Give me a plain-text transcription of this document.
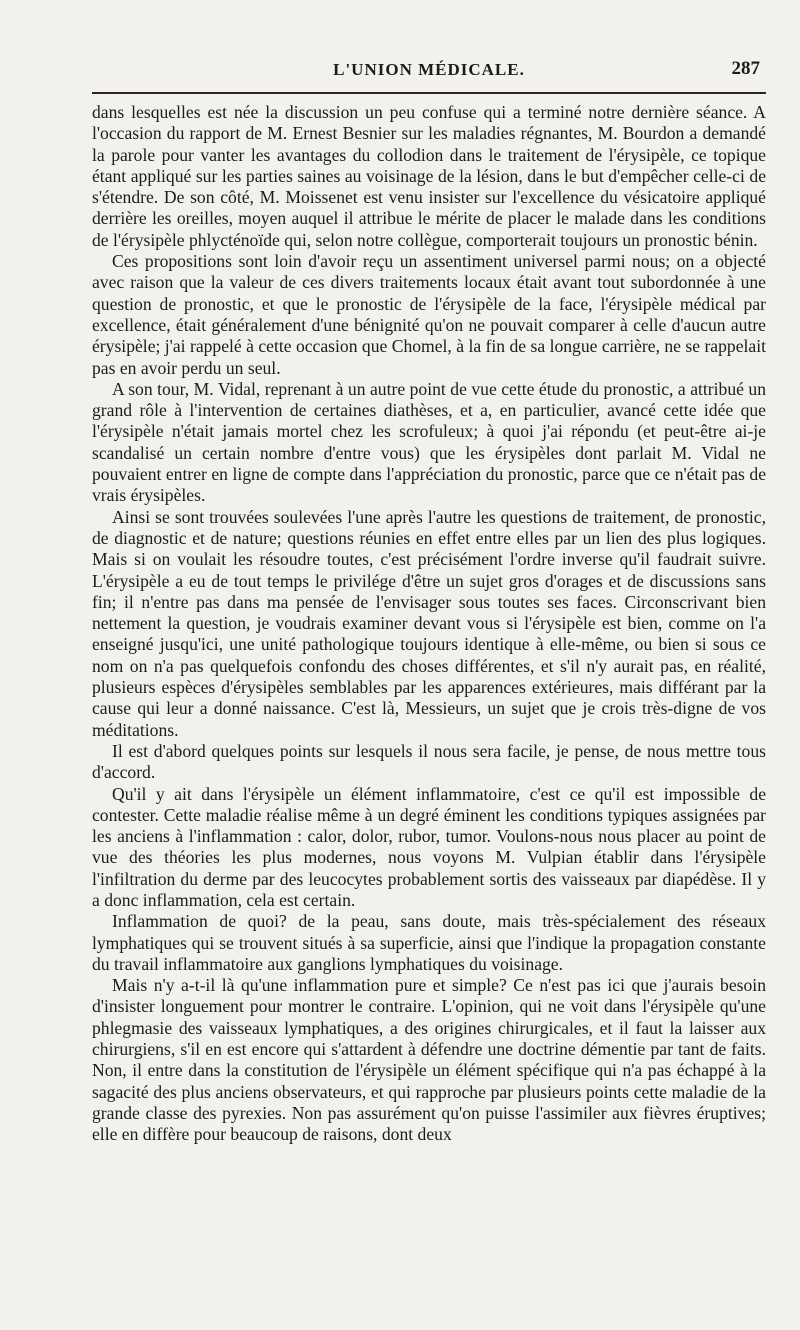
L'UNION MÉDICALE.	287

dans lesquelles est née la discussion un peu confuse qui a terminé notre dernière séance. A l'occasion du rapport de M. Ernest Besnier sur les maladies régnantes, M. Bourdon a demandé la parole pour vanter les avantages du collodion dans le traitement de l'érysipèle, ce topique étant appliqué sur les parties saines au voisinage de la lésion, dans le but d'empêcher celle-ci de s'étendre. De son côté, M. Moissenet est venu insister sur l'excellence du vésicatoire appliqué derrière les oreilles, moyen auquel il attribue le mérite de placer le malade dans les conditions de l'érysipèle phlycténoïde qui, selon notre collègue, comporterait toujours un pronostic bénin.

Ces propositions sont loin d'avoir reçu un assentiment universel parmi nous; on a objecté avec raison que la valeur de ces divers traitements locaux était avant tout subordonnée à une question de pronostic, et que le pronostic de l'érysipèle de la face, l'érysipèle médical par excellence, était généralement d'une bénignité qu'on ne pouvait comparer à celle d'aucun autre érysipèle; j'ai rappelé à cette occasion que Chomel, à la fin de sa longue carrière, ne se rappelait pas en avoir perdu un seul.

A son tour, M. Vidal, reprenant à un autre point de vue cette étude du pronostic, a attribué un grand rôle à l'intervention de certaines diathèses, et a, en particulier, avancé cette idée que l'érysipèle n'était jamais mortel chez les scrofuleux; à quoi j'ai répondu (et peut-être ai-je scandalisé un certain nombre d'entre vous) que les érysipèles dont parlait M. Vidal ne pouvaient entrer en ligne de compte dans l'appréciation du pronostic, parce que ce n'était pas de vrais érysipèles.

Ainsi se sont trouvées soulevées l'une après l'autre les questions de traitement, de pronostic, de diagnostic et de nature; questions réunies en effet entre elles par un lien des plus logiques. Mais si on voulait les résoudre toutes, c'est précisément l'ordre inverse qu'il faudrait suivre. L'érysipèle a eu de tout temps le privilége d'être un sujet gros d'orages et de discussions sans fin; il n'entre pas dans ma pensée de l'envisager sous toutes ses faces. Circonscrivant bien nettement la question, je voudrais examiner devant vous si l'érysipèle est bien, comme on l'a enseigné jusqu'ici, une unité pathologique toujours identique à elle-même, ou bien si sous ce nom on n'a pas quelquefois confondu des choses différentes, et s'il n'y aurait pas, en réalité, plusieurs espèces d'érysipèles semblables par les apparences extérieures, mais différant par la cause qui leur a donné naissance. C'est là, Messieurs, un sujet que je crois très-digne de vos méditations.

Il est d'abord quelques points sur lesquels il nous sera facile, je pense, de nous mettre tous d'accord.

Qu'il y ait dans l'érysipèle un élément inflammatoire, c'est ce qu'il est impossible de contester. Cette maladie réalise même à un degré éminent les conditions typiques assignées par les anciens à l'inflammation : calor, dolor, rubor, tumor. Voulons-nous nous placer au point de vue des théories les plus modernes, nous voyons M. Vulpian établir dans l'érysipèle l'infiltration du derme par des leucocytes probablement sortis des vaisseaux par diapédèse. Il y a donc inflammation, cela est certain.

Inflammation de quoi? de la peau, sans doute, mais très-spécialement des réseaux lymphatiques qui se trouvent situés à sa superficie, ainsi que l'indique la propagation constante du travail inflammatoire aux ganglions lymphatiques du voisinage.

Mais n'y a-t-il là qu'une inflammation pure et simple? Ce n'est pas ici que j'aurais besoin d'insister longuement pour montrer le contraire. L'opinion, qui ne voit dans l'érysipèle qu'une phlegmasie des vaisseaux lymphatiques, a des origines chirurgicales, et il faut la laisser aux chirurgiens, s'il en est encore qui s'attardent à défendre une doctrine démentie par tant de faits. Non, il entre dans la constitution de l'érysipèle un élément spécifique qui n'a pas échappé à la sagacité des plus anciens observateurs, et qui rapproche par plusieurs points cette maladie de la grande classe des pyrexies. Non pas assurément qu'on puisse l'assimiler aux fièvres éruptives; elle en diffère pour beaucoup de raisons, dont deux
